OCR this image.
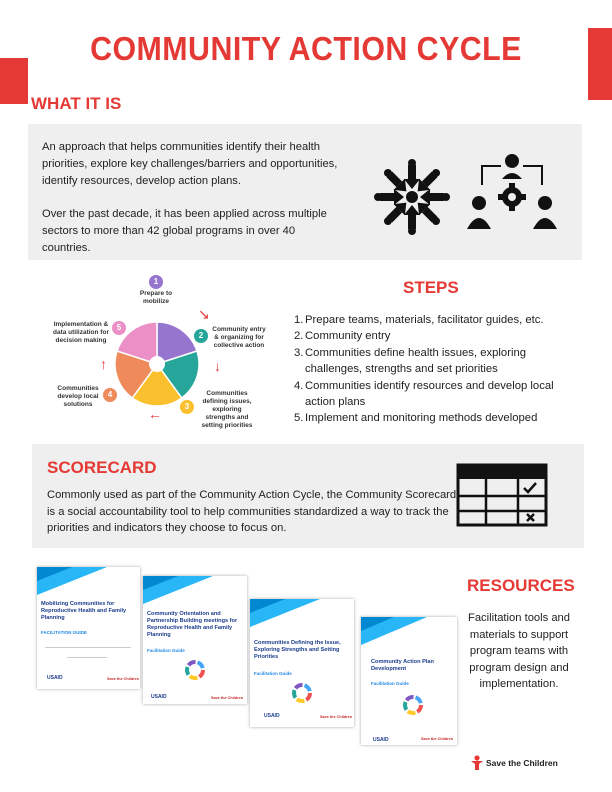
COMMUNITY ACTION CYCLE
WHAT IT IS

An approach that helps communities identify their health priorities, explore key challenges/barriers and opportunities, identify resources, develop action plans.

Over the past decade, it has been applied across multiple sectors to more than 42 global programs in over 40 countries.

1
Prepare to mobilize
2
Community entry & organizing for collective action
3
Communities defining issues, exploring strengths and setting priorities
4
Communities develop local solutions
5
Implementation & data utilization for decision making
↘
↓
←
↑
STEPS
1. Prepare teams, materials, facilitator guides, etc.
2. Community entry
3. Communities define health issues, exploring challenges, strengths and set priorities
4. Communities identify resources and develop local action plans
5. Implement and monitoring methods developed
SCORECARD

Commonly used as part of the Community Action Cycle, the Community Scorecard is a social accountability tool to help communities standardized a way to track the priorities and indicators they choose to focus on.

Mobilizing Communities for Reproductive Health and Family Planning
FACILITATION GUIDE
USAID	Save the Children
Community Orientation and Partnership Building meetings for Reproductive Health and Family Planning
Facilitation Guide
USAID	Save the Children
Communities Defining the Issue, Exploring Strengths and Setting Priorities
Facilitation Guide
USAID	Save the Children
Community Action Plan Development
Facilitation Guide
USAID	Save the Children
RESOURCES

Facilitation tools and materials to support program teams with program design and implementation.

Save the Children
